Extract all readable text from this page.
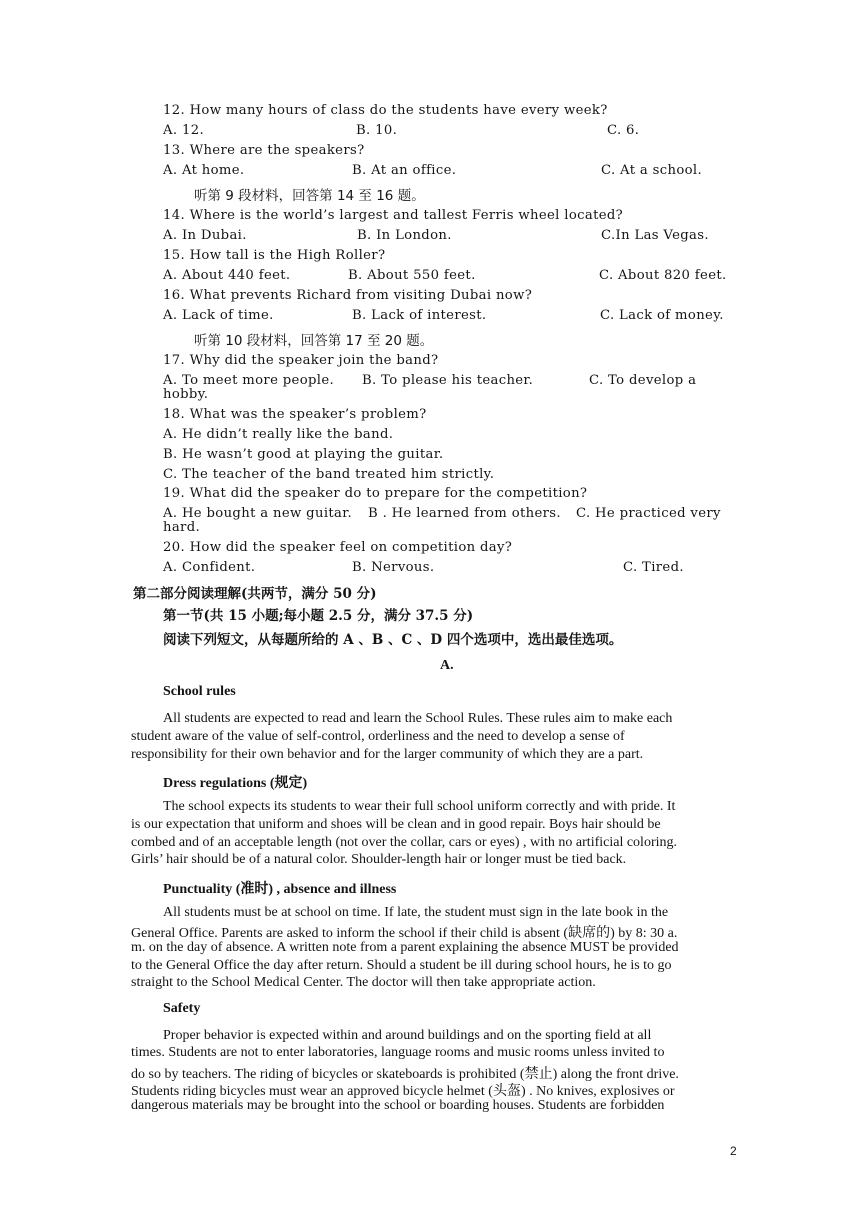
12. How many hours of class do the students have every week?
A. 12.	B. 10.	C. 6.
13. Where are the speakers?
A. At home.	B. At an office.	C. At a school.
听第 9 段材料，回答第 14 至 16 题。
14. Where is the world’s largest and tallest Ferris wheel located?
A. In Dubai.	B. In London.	C.In Las Vegas.
15. How tall is the High Roller?
A. About 440 feet.	B. About 550 feet.	C. About 820 feet.
16. What prevents Richard from visiting Dubai now?
A. Lack of time.	B. Lack of interest.	C. Lack of money.
听第 10 段材料，回答第 17 至 20 题。
17. Why did the speaker join the band?
A. To meet more people. B. To please his teacher.	C. To develop a
hobby.
18. What was the speaker’s problem?
A. He didn’t really like the band.
B. He wasn’t good at playing the guitar.
C. The teacher of the band treated him strictly.
19. What did the speaker do to prepare for the competition?
A. He bought a new guitar. B . He learned from others. C. He practiced very
hard.
20. How did the speaker feel on competition day?
A. Confident.	B. Nervous.	C. Tired.
第二部分阅读理解(共两节，满分 50 分)
第一节(共 15 小题;每小题 2.5 分，满分 37.5 分)
阅读下列短文，从每题所给的 A 、B 、C 、D 四个选项中，选出最佳选项。
A.
School rules
All students are expected to read and learn the School Rules. These rules aim to make each
student aware of the value of self-control, orderliness and the need to develop a sense of
responsibility for their own behavior and for the larger community of which they are a part.
Dress regulations (规定)
The school expects its students to wear their full school uniform correctly and with pride. It
is our expectation that uniform and shoes will be clean and in good repair. Boys hair should be
combed and of an acceptable length (not over the collar, cars or eyes) , with no artificial coloring.
Girls’ hair should be of a natural color. Shoulder-length hair or longer must be tied back.
Punctuality (准时) , absence and illness
All students must be at school on time. If late, the student must sign in the late book in the
General Office. Parents are asked to inform the school if their child is absent (缺席的) by 8: 30 a.
m. on the day of absence. A written note from a parent explaining the absence MUST be provided
to the General Office the day after return. Should a student be ill during school hours, he is to go
straight to the School Medical Center. The doctor will then take appropriate action.
Safety
Proper behavior is expected within and around buildings and on the sporting field at all
times. Students are not to enter laboratories, language rooms and music rooms unless invited to
do so by teachers. The riding of bicycles or skateboards is prohibited (禁止) along the front drive.
Students riding bicycles must wear an approved bicycle helmet (头盔) . No knives, explosives or
dangerous materials may be brought into the school or boarding houses. Students are forbidden
2
